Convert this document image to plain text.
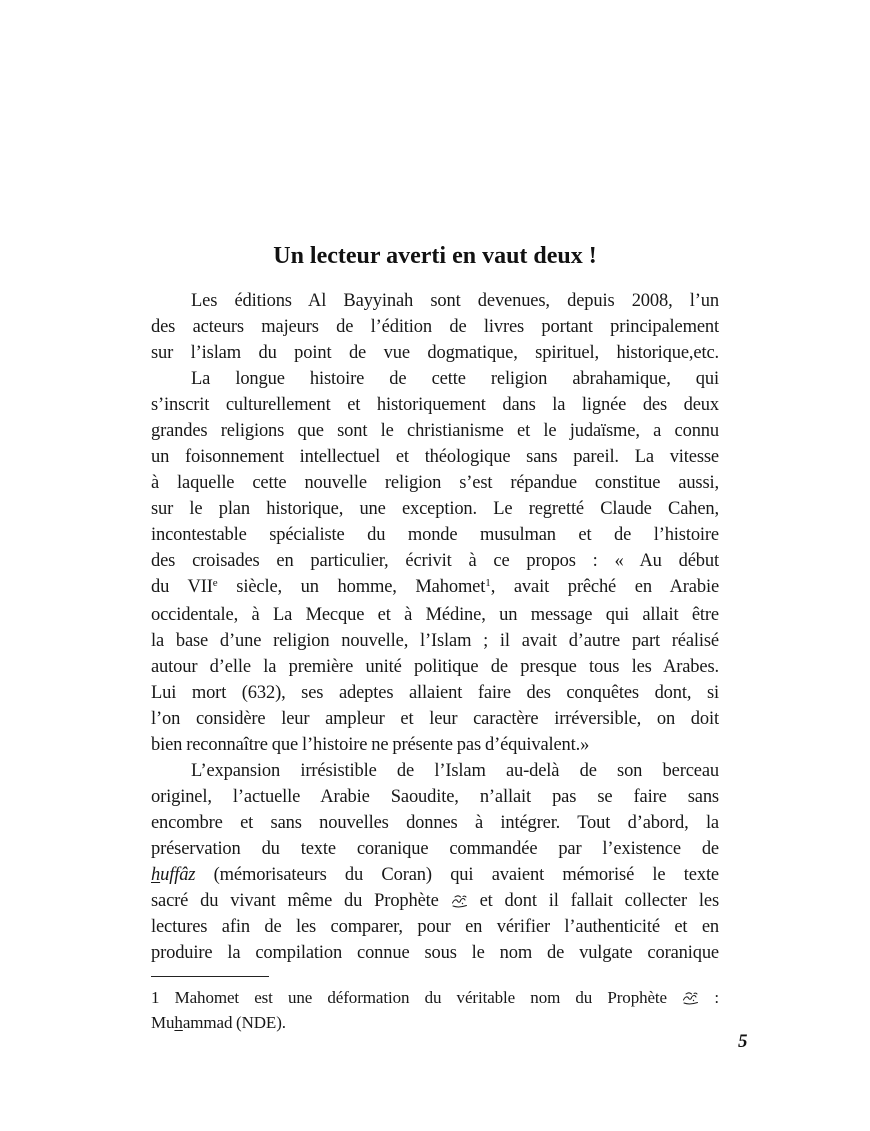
Un lecteur averti en vaut deux !
Les éditions Al Bayyinah sont devenues, depuis 2008, l’un
des acteurs majeurs de l’édition de livres portant principalement
sur l’islam du point de vue dogmatique, spirituel, historique,etc.
La longue histoire de cette religion abrahamique, qui
s’inscrit culturellement et historiquement dans la lignée des deux
grandes religions que sont le christianisme et le judaïsme, a connu
un foisonnement intellectuel et théologique sans pareil. La vitesse
à laquelle cette nouvelle religion s’est répandue constitue aussi,
sur le plan historique, une exception. Le regretté Claude Cahen,
incontestable spécialiste du monde musulman et de l’histoire
des croisades en particulier, écrivit à ce propos : « Au début
du VIIe siècle, un homme, Mahomet$^1$, avait prêché en Arabie
occidentale, à La Mecque et à Médine, un message qui allait être
la base d’une religion nouvelle, l’Islam ; il avait d’autre part réalisé
autour d’elle la première unité politique de presque tous les Arabes.
Lui mort (632), ses adeptes allaient faire des conquêtes dont, si
l’on considère leur ampleur et leur caractère irréversible, on doit
bien reconnaître que l’histoire ne présente pas d’équivalent.»
L’expansion irrésistible de l’Islam au-delà de son berceau
originel, l’actuelle Arabie Saoudite, n’allait pas se faire sans
encombre et sans nouvelles donnes à intégrer. Tout d’abord, la
préservation du texte coranique commandée par l’existence de
huffâz (mémorisateurs du Coran) qui avaient mémorisé le texte
sacré du vivant même du Prophète  et dont il fallait collecter les
lectures afin de les comparer, pour en vérifier l’authenticité et en
produire la compilation connue sous le nom de vulgate coranique
1 Mahomet est une déformation du véritable nom du Prophète  :
Muhammad (NDE).
5
